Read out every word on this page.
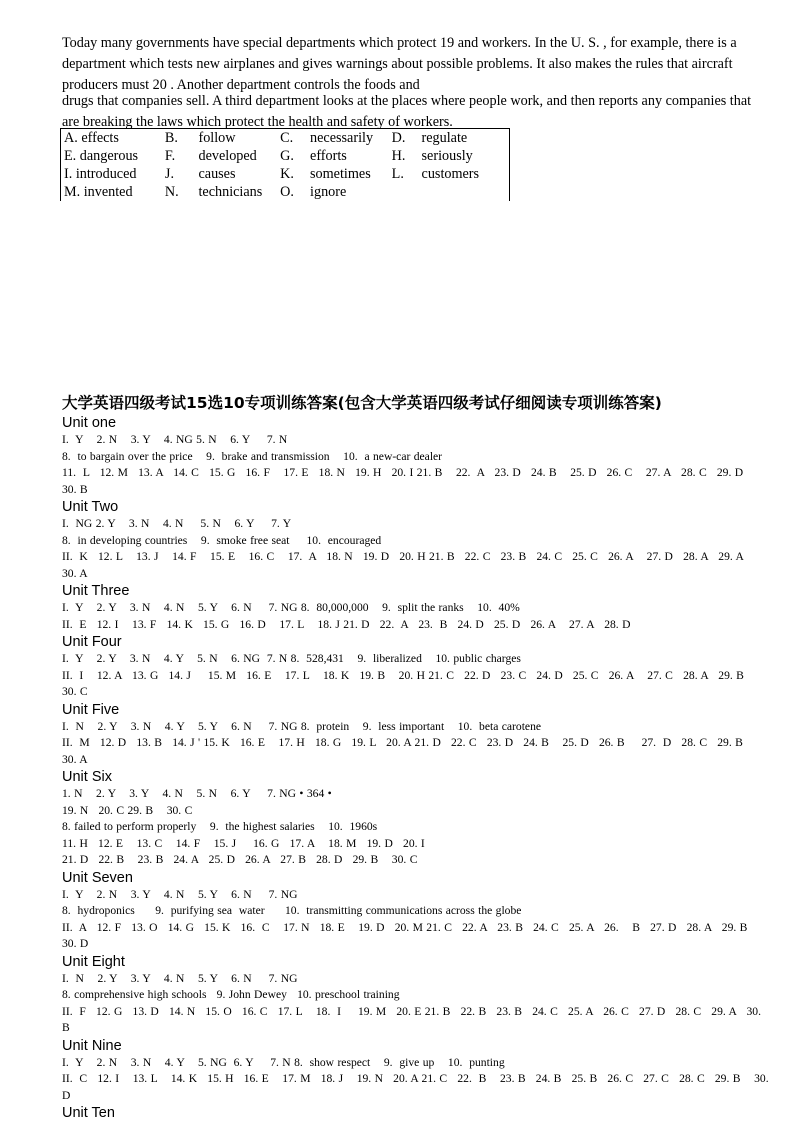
Today many governments have special departments which protect 19 and workers. In the U. S. , for example, there is a

department which tests new airplanes and gives warnings about possible problems. It also makes the rules that aircraft

producers must 20 . Another department controls the foods and

drugs that companies sell. A third department looks at the places where people work, and then reports any companies that

are breaking the laws which protect the health and safety of workers.

A. effects	B.	follow	C.	necessarily	D.	regulate
E. dangerous	F.	developed	G.	efforts	H.	seriously
I. introduced	J.	causes	K.	sometimes	L.	customers
M. invented	N.	technicians	O.	ignore		
大学英语四级考试15选10专项训练答案(包含大学英语四级考试仔细阅读专项训练答案)
Unit one
I.  Y    2. N    3. Y    4. NG 5. N    6. Y     7. N
8.  to bargain over the price    9.  brake and transmission    10.  a new-car dealer
11.  L   12. M   13. A   14. C   15. G   16. F    17. E   18. N   19. H   20. I 21. B    22.  A   23. D   24. B    25. D   26. C    27. A   28. C   29. D
30. B
Unit Two
I.  NG 2. Y    3. N    4. N     5. N    6. Y     7. Y
8.  in developing countries    9.  smoke free seat     10.  encouraged
II.  K   12. L    13. J    14. F    15. E    16. C    17.  A   18. N   19. D   20. H 21. B   22. C   23. B   24. C   25. C   26. A    27. D   28. A   29. A
30. A
Unit Three
I.  Y    2. Y    3. N    4. N    5. Y    6. N     7. NG 8.  80,000,000    9.  split the ranks    10.  40%
II.  E   12. I    13. F   14. K   15. G   16. D    17. L    18. J 21. D   22.  A   23.  B   24. D   25. D   26. A    27. A   28. D
Unit Four
I.  Y    2. Y    3. N    4. Y    5. N    6. NG  7. N 8.  528,431    9.  liberalized    10. public charges
II.  I    12. A   13. G   14. J     15. M   16. E    17. L    18. K   19. B    20. H 21. C   22. D   23. C   24. D   25. C   26. A    27. C   28. A   29. B
30. C
Unit Five
I.  N    2. Y    3. N    4. Y    5. Y    6. N     7. NG 8.  protein    9.  less important    10.  beta carotene
II.  M   12. D   13. B   14. J ' 15. K   16. E    17. H   18. G   19. L   20. A 21. D   22. C   23. D   24. B    25. D   26. B     27.  D   28. C   29. B
30. A
Unit Six
1. N    2. Y    3. Y    4. N    5. N    6. Y     7. NG • 364 •
19. N   20. C 29. B    30. C
8. failed to perform properly    9.  the highest salaries    10.  1960s
11. H   12. E    13. C    14. F    15. J     16. G   17. A    18. M   19. D   20. I
21. D   22. B    23. B   24. A   25. D   26. A   27. B   28. D   29. B    30. C
Unit Seven
I.  Y    2. N    3. Y    4. N    5. Y    6. N     7. NG
8.  hydroponics      9.  purifying sea  water      10.  transmitting communications across the globe
II.  A   12. F   13. O   14. G   15. K   16.  C    17. N   18. E    19. D   20. M 21. C   22. A   23. B   24. C   25. A   26.    B   27. D   28. A   29. B
30. D
Unit Eight
I.  N    2. Y    3. Y    4. N    5. Y    6. N     7. NG
8. comprehensive high schools   9. John Dewey   10. preschool training
II.  F   12. G   13. D   14. N   15. O   16. C   17. L    18.  I     19. M   20. E 21. B   22. B   23. B   24. C   25. A   26. C   27. D   28. C   29. A   30.
B
Unit Nine
I.  Y    2. N    3. N    4. Y    5. NG  6. Y     7. N 8.  show respect    9.  give up    10.  punting
II.  C   12. I    13. L    14. K   15. H   16. E    17. M   18. J    19. N   20. A 21. C   22.  B    23. B   24. B   25. B   26. C   27. C   28. C   29. B    30.
D
Unit Ten
